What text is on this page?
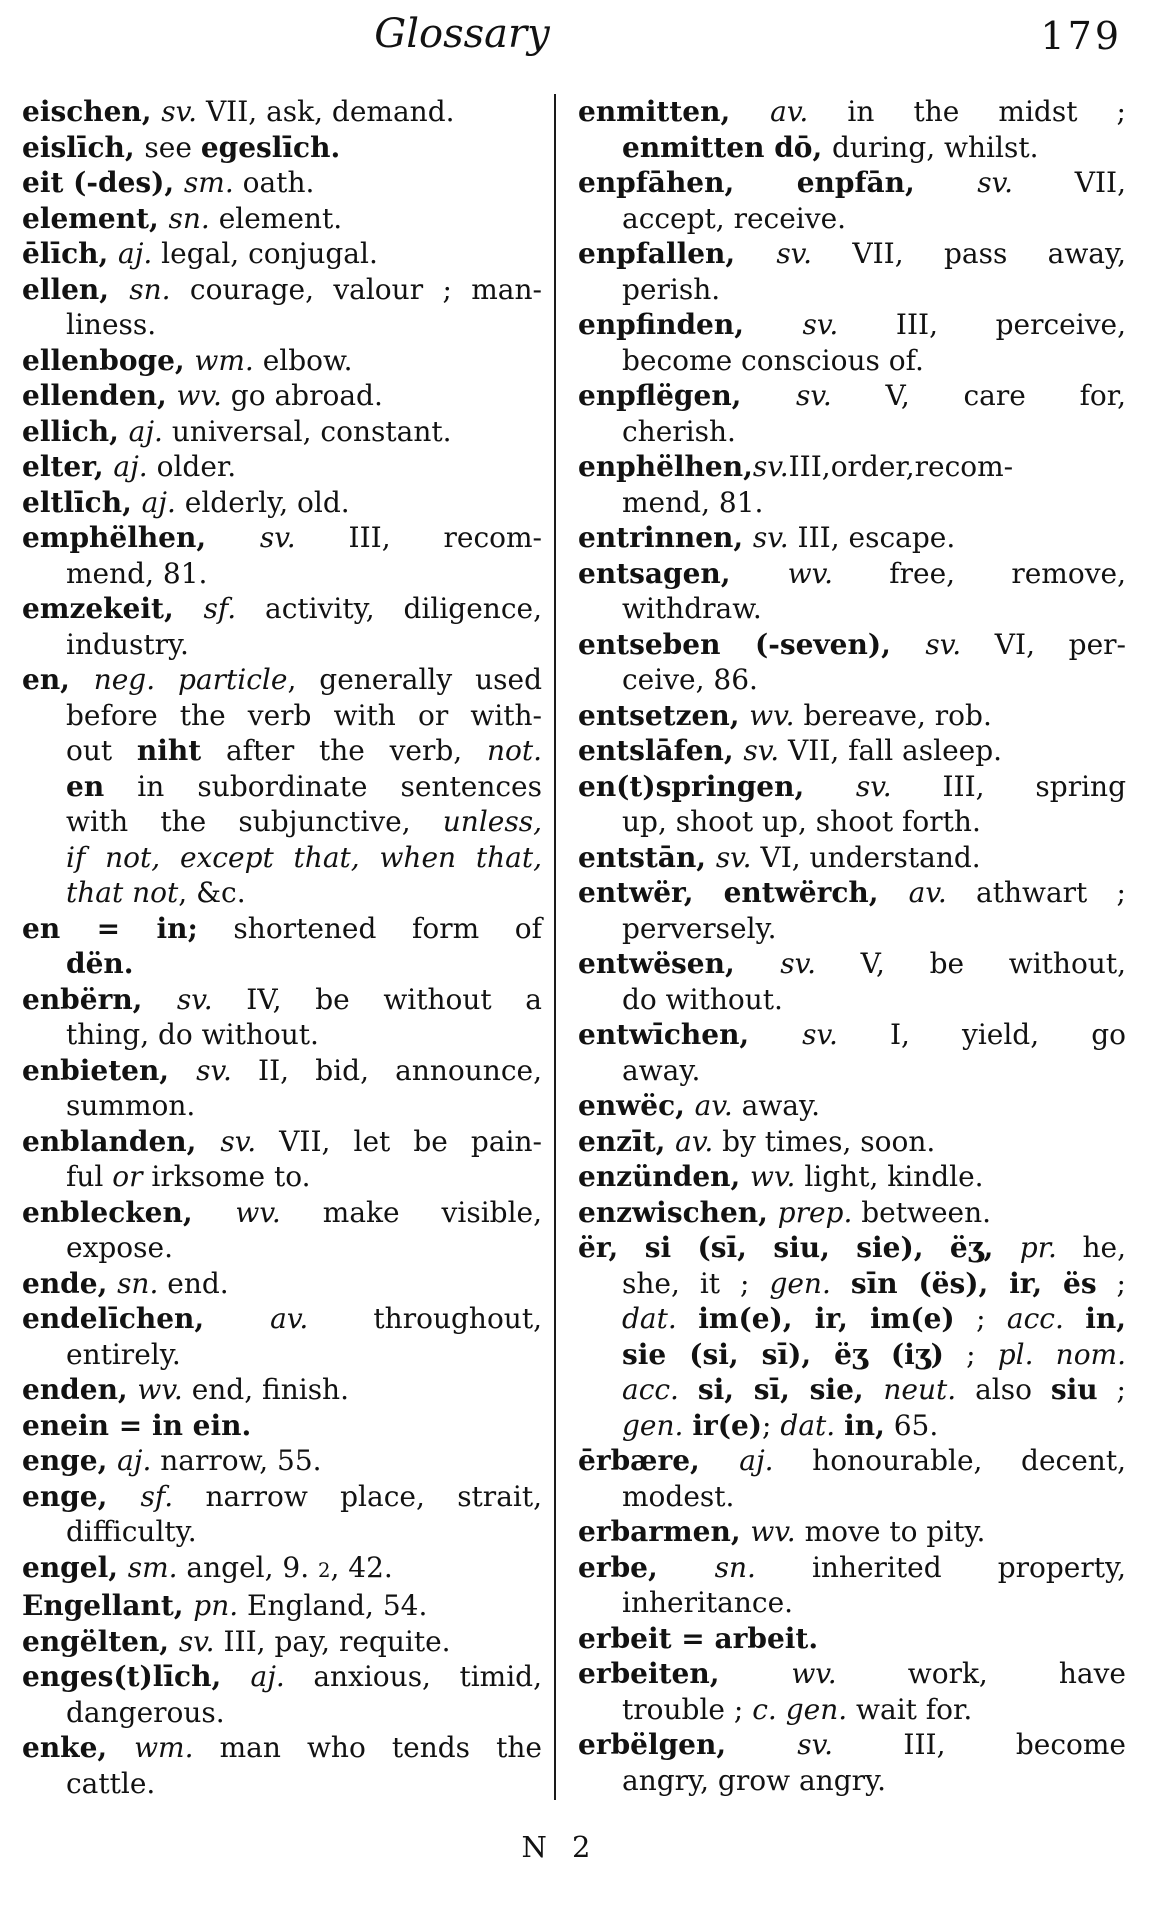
Glossary	179
eischen, sv. VII, ask, demand.
eislīch, see egeslīch.
eit (-des), sm. oath.
element, sn. element.
ēlīch, aj. legal, conjugal.
ellen, sn. courage, valour ; man-
liness.
ellenboge, wm. elbow.
ellenden, wv. go abroad.
ellich, aj. universal, constant.
elter, aj. older.
eltlīch, aj. elderly, old.
emphëlhen, sv. III, recom-
mend, 81.
emzekeit, sf. activity, diligence,
industry.
en, neg. particle, generally used
before the verb with or with-
out niht after the verb, not.
en in subordinate sentences
with the subjunctive, unless,
if not, except that, when that,
that not, &c.
en = in; shortened form of
dën.
enbërn, sv. IV, be without a
thing, do without.
enbieten, sv. II, bid, announce,
summon.
enblanden, sv. VII, let be pain-
ful or irksome to.
enblecken, wv. make visible,
expose.
ende, sn. end.
endelīchen, av. throughout,
entirely.
enden, wv. end, finish.
enein = in ein.
enge, aj. narrow, 55.
enge, sf. narrow place, strait,
difficulty.
engel, sm. angel, 9. 2, 42.
Engellant, pn. England, 54.
engëlten, sv. III, pay, requite.
enges(t)līch, aj. anxious, timid,
dangerous.
enke, wm. man who tends the
cattle.
enmitten, av. in the midst ;
enmitten dō, during, whilst.
enpfāhen, enpfān, sv. VII,
accept, receive.
enpfallen, sv. VII, pass away,
perish.
enpfinden, sv. III, perceive,
become conscious of.
enpflëgen, sv. V, care for,
cherish.
enphëlhen,sv.III,order,recom-
mend, 81.
entrinnen, sv. III, escape.
entsagen, wv. free, remove,
withdraw.
entseben (-seven), sv. VI, per-
ceive, 86.
entsetzen, wv. bereave, rob.
entslāfen, sv. VII, fall asleep.
en(t)springen, sv. III, spring
up, shoot up, shoot forth.
entstān, sv. VI, understand.
entwër, entwërch, av. athwart ;
perversely.
entwësen, sv. V, be without,
do without.
entwīchen, sv. I, yield, go
away.
enwëc, av. away.
enzīt, av. by times, soon.
enzünden, wv. light, kindle.
enzwischen, prep. between.
ër, si (sī, siu, sie), ëʒ, pr. he,
she, it ; gen. sīn (ës), ir, ës ;
dat. im(e), ir, im(e) ; acc. in,
sie (si, sī), ëʒ (iʒ) ; pl. nom.
acc. si, sī, sie, neut. also siu ;
gen. ir(e); dat. in, 65.
ērbære, aj. honourable, decent,
modest.
erbarmen, wv. move to pity.
erbe, sn. inherited property,
inheritance.
erbeit = arbeit.
erbeiten, wv. work, have
trouble ; c. gen. wait for.
erbëlgen, sv. III, become
angry, grow angry.
N 2
